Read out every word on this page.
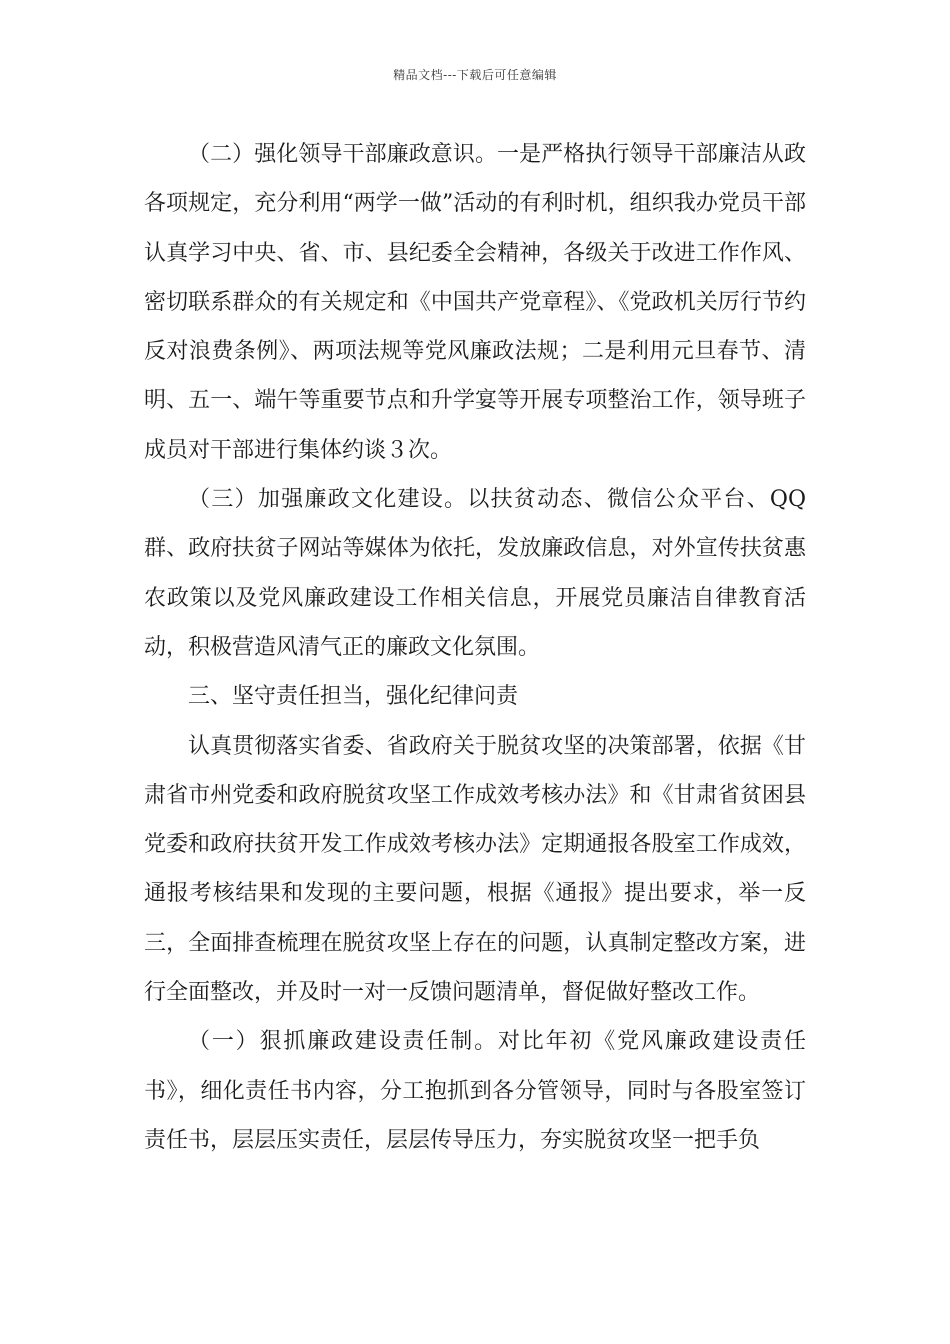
精品文档---下载后可任意编辑

（二）强化领导干部廉政意识。一是严格执行领导干部廉洁从政各项规定，充分利用“两学一做”活动的有利时机，组织我办党员干部认真学习中央、省、市、县纪委全会精神，各级关于改进工作作风、密切联系群众的有关规定和《中国共产党章程》、《党政机关厉行节约反对浪费条例》、两项法规等党风廉政法规；二是利用元旦春节、清明、五一、端午等重要节点和升学宴等开展专项整治工作，领导班子成员对干部进行集体约谈３次。

（三）加强廉政文化建设。以扶贫动态、微信公众平台、QQ群、政府扶贫子网站等媒体为依托，发放廉政信息，对外宣传扶贫惠农政策以及党风廉政建设工作相关信息，开展党员廉洁自律教育活动，积极营造风清气正的廉政文化氛围。

三、坚守责任担当，强化纪律问责

认真贯彻落实省委、省政府关于脱贫攻坚的决策部署，依据《甘肃省市州党委和政府脱贫攻坚工作成效考核办法》和《甘肃省贫困县党委和政府扶贫开发工作成效考核办法》定期通报各股室工作成效，通报考核结果和发现的主要问题，根据《通报》提出要求，举一反三，全面排查梳理在脱贫攻坚上存在的问题，认真制定整改方案，进行全面整改，并及时一对一反馈问题清单，督促做好整改工作。

（一）狠抓廉政建设责任制。对比年初《党风廉政建设责任书》，细化责任书内容，分工抱抓到各分管领导，同时与各股室签订责任书，层层压实责任，层层传导压力，夯实脱贫攻坚一把手负
